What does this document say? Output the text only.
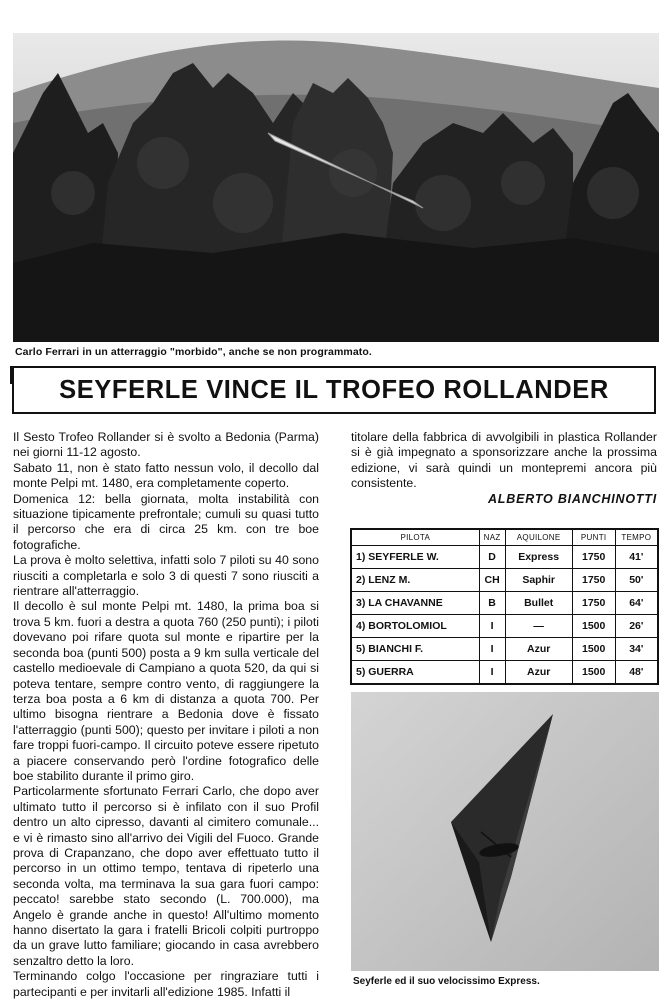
Carlo Ferrari in un atterraggio "morbido", anche se non programmato.
SEYFERLE VINCE IL TROFEO ROLLANDER

Il Sesto Trofeo Rollander si è svolto a Bedonia (Parma) nei giorni 11-12 agosto.

Sabato 11, non è stato fatto nessun volo, il decollo dal monte Pelpi mt. 1480, era completamente coperto.

Domenica 12: bella giornata, molta instabilità con situazione tipicamente prefrontale; cumuli su quasi tutto il percorso che era di circa 25 km. con tre boe fotografiche.

La prova è molto selettiva, infatti solo 7 piloti su 40 sono riusciti a completarla e solo 3 di questi 7 sono riusciti a rientrare all'atterraggio.

Il decollo è sul monte Pelpi mt. 1480, la prima boa si trova 5 km. fuori a destra a quota 760 (250 punti); i piloti dovevano poi rifare quota sul monte e ripartire per la seconda boa (punti 500) posta a 9 km sulla verticale del castello medioevale di Campiano a quota 520, da qui si poteva tentare, sempre contro vento, di raggiungere la terza boa posta a 6 km di distanza a quota 700. Per ultimo bisogna rientrare a Bedonia dove è fissato l'atterraggio (punti 500); questo per invitare i piloti a non fare troppi fuori-campo. Il circuito poteve essere ripetuto a piacere conservando però l'ordine fotografico delle boe stabilito durante il primo giro.

Particolarmente sfortunato Ferrari Carlo, che dopo aver ultimato tutto il percorso si è infilato con il suo Profil dentro un alto cipresso, davanti al cimitero comunale... e vi è rimasto sino all'arrivo dei Vigili del Fuoco. Grande prova di Crapanzano, che dopo aver effettuato tutto il percorso in un ottimo tempo, tentava di ripeterlo una seconda volta, ma terminava la sua gara fuori campo: peccato! sarebbe stato secondo (L. 700.000), ma Angelo è grande anche in questo! All'ultimo momento hanno disertato la gara i fratelli Bricoli colpiti purtroppo da un grave lutto familiare; giocando in casa avrebbero senzaltro detto la loro.

Terminando colgo l'occasione per ringraziare tutti i partecipanti e per invitarli all'edizione 1985. Infatti il

titolare della fabbrica di avvolgibili in plastica Rollander si è già impegnato a sponsorizzare anche la prossima edizione, vi sarà quindi un montepremi ancora più consistente.

ALBERTO BIANCHINOTTI
PILOTA	NAZ	AQUILONE	PUNTI	TEMPO
1) SEYFERLE W.	D	Express	1750	41'
2) LENZ M.	CH	Saphir	1750	50'
3) LA CHAVANNE	B	Bullet	1750	64'
4) BORTOLOMIOL	I	—	1500	26'
5) BIANCHI F.	I	Azur	1500	34'
5) GUERRA	I	Azur	1500	48'
Seyferle ed il suo velocissimo Express.
